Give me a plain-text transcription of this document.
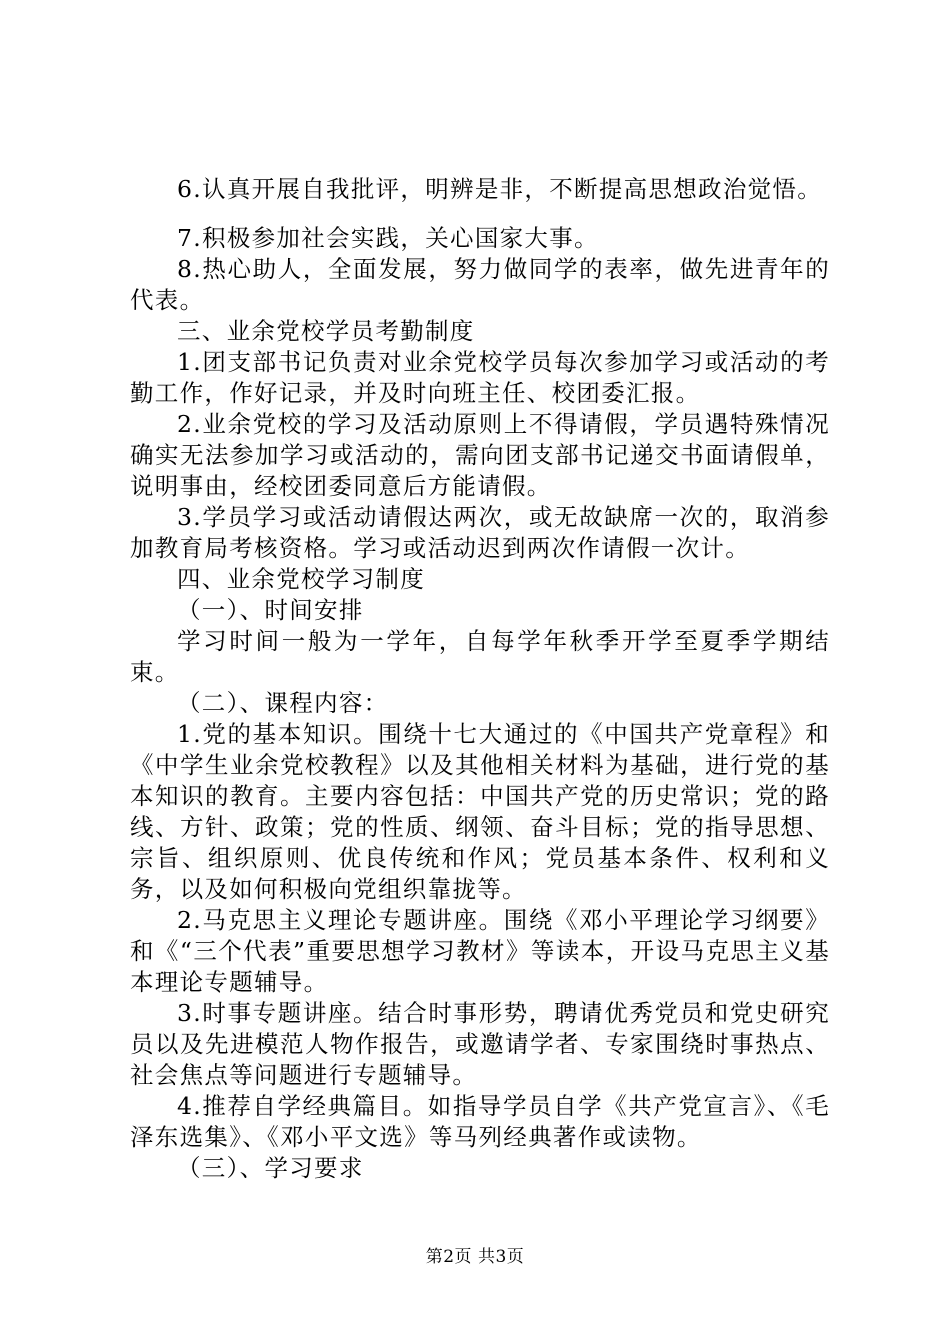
6.认真开展自我批评，明辨是非，不断提高思想政治觉悟。

7.积极参加社会实践，关心国家大事。

8.热心助人，全面发展，努力做同学的表率，做先进青年的代表。

三、业余党校学员考勤制度

1.团支部书记负责对业余党校学员每次参加学习或活动的考勤工作，作好记录，并及时向班主任、校团委汇报。

2.业余党校的学习及活动原则上不得请假，学员遇特殊情况确实无法参加学习或活动的，需向团支部书记递交书面请假单，说明事由，经校团委同意后方能请假。

3.学员学习或活动请假达两次，或无故缺席一次的，取消参加教育局考核资格。学习或活动迟到两次作请假一次计。

四、业余党校学习制度

（一）、时间安排

学习时间一般为一学年，自每学年秋季开学至夏季学期结束。

（二）、课程内容：

1.党的基本知识。围绕十七大通过的《中国共产党章程》和《中学生业余党校教程》以及其他相关材料为基础，进行党的基本知识的教育。主要内容包括：中国共产党的历史常识；党的路线、方针、政策；党的性质、纲领、奋斗目标；党的指导思想、宗旨、组织原则、优良传统和作风；党员基本条件、权利和义务，以及如何积极向党组织靠拢等。

2.马克思主义理论专题讲座。围绕《邓小平理论学习纲要》和《“三个代表”重要思想学习教材》等读本，开设马克思主义基本理论专题辅导。

3.时事专题讲座。结合时事形势，聘请优秀党员和党史研究员以及先进模范人物作报告，或邀请学者、专家围绕时事热点、社会焦点等问题进行专题辅导。

4.推荐自学经典篇目。如指导学员自学《共产党宣言》、《毛泽东选集》、《邓小平文选》等马列经典著作或读物。

（三）、学习要求

第2页 共3页
